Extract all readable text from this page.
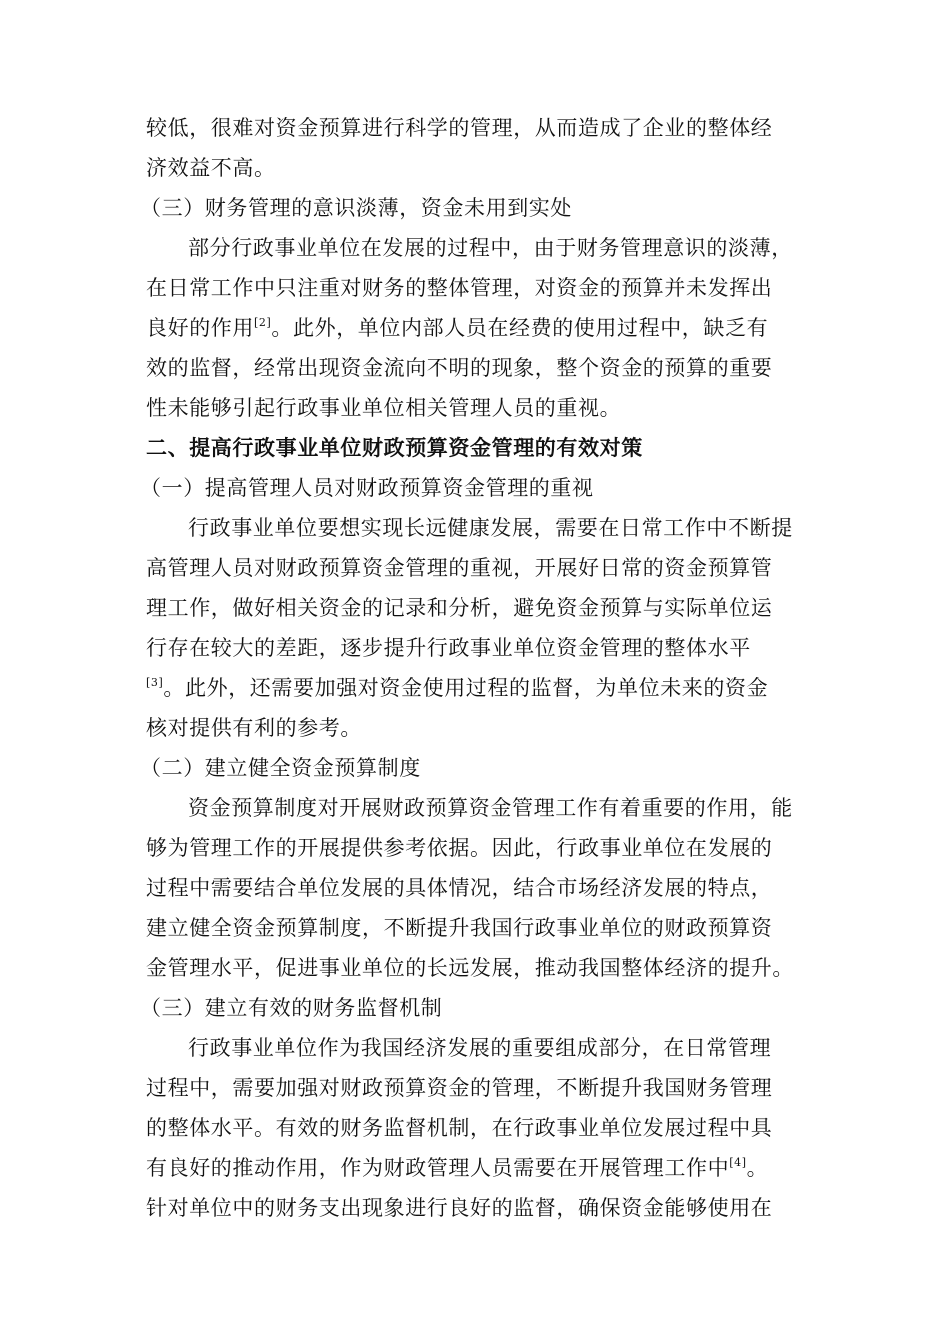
较低，很难对资金预算进行科学的管理，从而造成了企业的整体经
济效益不高。
（三）财务管理的意识淡薄，资金未用到实处
部分行政事业单位在发展的过程中，由于财务管理意识的淡薄，
在日常工作中只注重对财务的整体管理，对资金的预算并未发挥出
良好的作用[2]。此外，单位内部人员在经费的使用过程中，缺乏有
效的监督，经常出现资金流向不明的现象，整个资金的预算的重要
性未能够引起行政事业单位相关管理人员的重视。
二、提高行政事业单位财政预算资金管理的有效对策
（一）提高管理人员对财政预算资金管理的重视
行政事业单位要想实现长远健康发展，需要在日常工作中不断提
高管理人员对财政预算资金管理的重视，开展好日常的资金预算管
理工作，做好相关资金的记录和分析，避免资金预算与实际单位运
行存在较大的差距，逐步提升行政事业单位资金管理的整体水平
[3]。此外，还需要加强对资金使用过程的监督，为单位未来的资金
核对提供有利的参考。
（二）建立健全资金预算制度
资金预算制度对开展财政预算资金管理工作有着重要的作用，能
够为管理工作的开展提供参考依据。因此，行政事业单位在发展的
过程中需要结合单位发展的具体情况，结合市场经济发展的特点，
建立健全资金预算制度，不断提升我国行政事业单位的财政预算资
金管理水平，促进事业单位的长远发展，推动我国整体经济的提升。
（三）建立有效的财务监督机制
行政事业单位作为我国经济发展的重要组成部分，在日常管理
过程中，需要加强对财政预算资金的管理，不断提升我国财务管理
的整体水平。有效的财务监督机制，在行政事业单位发展过程中具
有良好的推动作用，作为财政管理人员需要在开展管理工作中[4]。
针对单位中的财务支出现象进行良好的监督，确保资金能够使用在
